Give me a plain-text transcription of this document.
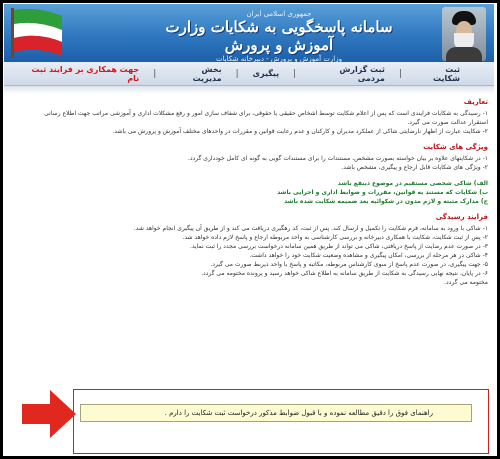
جمهوری اسلامی ایران
سامانه پاسخگویی به شکایات وزارت آموزش و پرورش
وزارت آموزش و پرورش - دبیرخانه شکایات
ثبت شکایت
|
ثبت گزارش مردمی
|
پیگیری
|
بخش مدیریت
|
جهت همکاری بر فرایند ثبت نام
تعاریف
۱- رسیدگی به شکایات فرایندی است که پس از اعلام شکایت توسط اشخاص حقیقی یا حقوقی، برای شفاف سازی امور و رفع مشکلات اداری و آموزشی مراتب جهت اطلاع رسانی
استقرار عدالت صورت می گیرد.
۲- شکایت عبارت از اظهار نارضایتی شاکی از عملکرد مدیران و کارکنان و عدم رعایت قوانین و مقررات در واحدهای مختلف آموزش و پرورش می باشد.
ویژگی های شکایت
۱- در شکایتهای علاوه بر بیان خواسته بصورت مشخص، مستندات را برای مستندات گویی به گونه ای کامل خودداری گردد.
۲- ویژگی های شکایات قابل ارجاع و پیگیری، مشخص باشد.
الف) شاکی شخصی مستقیم در موضوع ذینفع باشد
ب) شکایات که مستند به قوانین، مقررات و ضوابط اداری و اجرایی باشد
ج) مدارک مثبته و لازم مدون در شکوائیه بعد ضمیمه شکایت شده باشد
فرایند رسیدگی
۱- شاکی با ورود به سامانه، فرم شکایت را تکمیل و ارسال کند. پس از ثبت، کد رهگیری دریافت می کند و از طریق آن پیگیری انجام خواهد شد.
۲- پس از ثبت شکایت، شکایت با همکاری دبیرخانه و بررسی کارشناسی به واحد مربوطه ارجاع و پاسخ لازم داده خواهد شد.
۳- در صورت عدم رضایت از پاسخ دریافتی، شاکی می تواند از طریق همین سامانه درخواست بررسی مجدد را ثبت نماید.
۴- شاکی در هر مرحله از بررسی، امکان پیگیری و مشاهده وضعیت شکایت خود را خواهد داشت.
۵- جهت پیگیری، در صورت عدم پاسخ از سوی کارشناس مربوطه، مکاتبه و پاسخ با واحد ذیربط صورت می گیرد.
۶- در پایان، نتیجه نهایی رسیدگی به شکایت از طریق سامانه به اطلاع شاکی خواهد رسید و پرونده مختومه می گردد.
مختومه می گردد.
راهنمای فوق را دقیق مطالعه نموده و با قبول ضوابط مذکور درخواست ثبت شکایت را دارم .
